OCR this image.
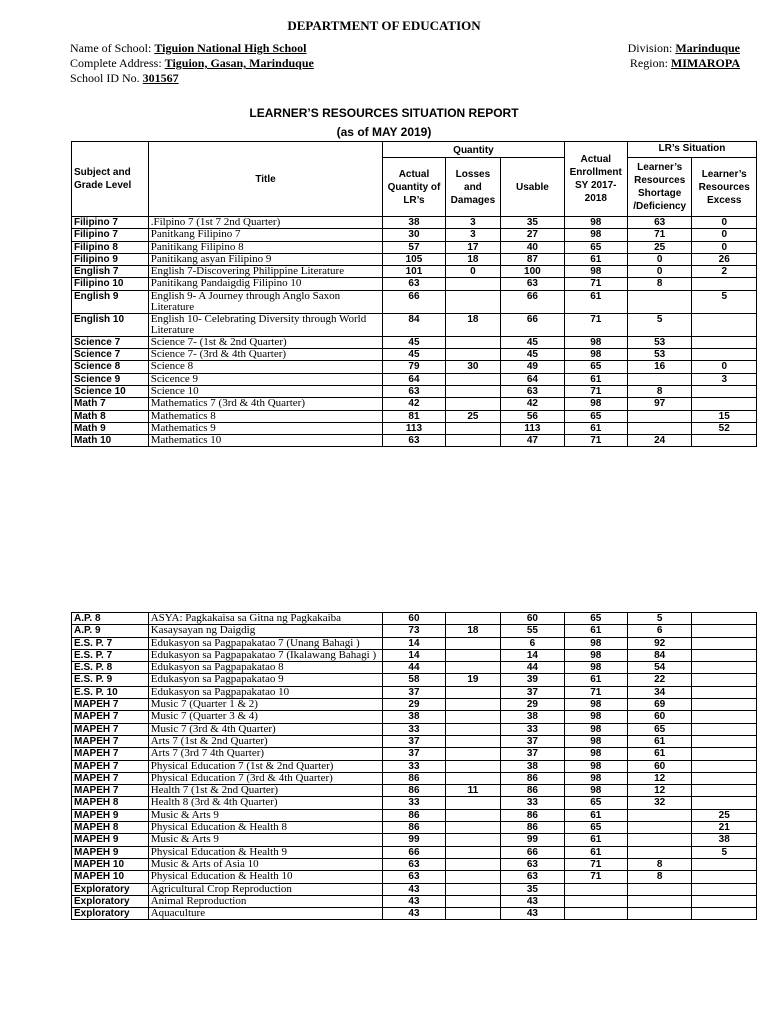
DEPARTMENT OF EDUCATION
Name of School: Tiguion National High School
Complete Address: Tiguion, Gasan, Marinduque
School ID No. 301567
Division: Marinduque
Region: MIMAROPA
LEARNER’S RESOURCES SITUATION REPORT
(as of MAY 2019)
Subject and Grade Level	Title	Quantity			Actual Enrollment SY 2017-2018	LR’s Situation	
		Actual Quantity of LR’s	Losses and Damages	Usable		Learner’s Resources Shortage /Deficiency	Learner’s Resources Excess
Filipino 7	.Filpino 7 (1st 7 2nd Quarter)	38	3	35	98	63	0
Filipino 7	Panitkang Filipino 7	30	3	27	98	71	0
Filipino 8	Panitikang Filipino 8	57	17	40	65	25	0
Filipino 9	Panitikang asyan Filipino 9	105	18	87	61	0	26
English 7	English 7-Discovering Philippine Literature	101	0	100	98	0	2
Filipino 10	Panitikang Pandaigdig Filipino 10	63		63	71	8	
English 9	English 9- A Journey through Anglo Saxon Literature	66		66	61		5
English 10	English 10- Celebrating Diversity through World Literature	84	18	66	71	5	
Science 7	Science 7- (1st & 2nd Quarter)	45		45	98	53	
Science 7	Science 7- (3rd & 4th Quarter)	45		45	98	53	
Science 8	Science 8	79	30	49	65	16	0
Science 9	Scicence 9	64		64	61		3
Science 10	Science 10	63		63	71	8	
Math 7	Mathematics 7 (3rd & 4th Quarter)	42		42	98	97	
Math 8	Mathematics 8	81	25	56	65		15
Math 9	Mathematics 9	113		113	61		52
Math 10	Mathematics 10	63		47	71	24	
A.P. 8	ASYA: Pagkakaisa sa Gitna ng Pagkakaiba	60		60	65	5	
A.P. 9	Kasaysayan ng Daigdig	73	18	55	61	6	
E.S. P. 7	Edukasyon sa Pagpapakatao 7 (Unang Bahagi )	14		6	98	92	
E.S. P. 7	Edukasyon sa Pagpapakatao 7 (Ikalawang Bahagi )	14		14	98	84	
E.S. P. 8	Edukasyon sa Pagpapakatao 8	44		44	98	54	
E.S. P. 9	Edukasyon sa Pagpapakatao 9	58	19	39	61	22	
E.S. P. 10	Edukasyon sa Pagpapakatao 10	37		37	71	34	
MAPEH 7	Music 7 (Quarter 1 & 2)	29		29	98	69	
MAPEH 7	Music 7 (Quarter 3 & 4)	38		38	98	60	
MAPEH 7	Music 7 (3rd & 4th Quarter)	33		33	98	65	
MAPEH 7	Arts 7 (1st & 2nd Quarter)	37		37	98	61	
MAPEH 7	Arts 7 (3rd 7 4th Quarter)	37		37	98	61	
MAPEH 7	Physical Education 7 (1st & 2nd Quarter)	33		38	98	60	
MAPEH 7	Physical Education 7 (3rd & 4th Quarter)	86		86	98	12	
MAPEH 7	Health 7 (1st & 2nd Quarter)	86	11	86	98	12	
MAPEH 8	Health 8 (3rd & 4th Quarter)	33		33	65	32	
MAPEH 9	Music & Arts 9	86		86	61		25
MAPEH 8	Physical Education & Health 8	86		86	65		21
MAPEH 9	Music & Arts 9	99		99	61		38
MAPEH 9	Physical Education & Health 9	66		66	61		5
MAPEH 10	Music & Arts of Asia 10	63		63	71	8	
MAPEH 10	Physical Education & Health 10	63		63	71	8	
Exploratory	Agricultural Crop Reproduction	43		35			
Exploratory	Animal Reproduction	43		43			
Exploratory	Aquaculture	43		43			
